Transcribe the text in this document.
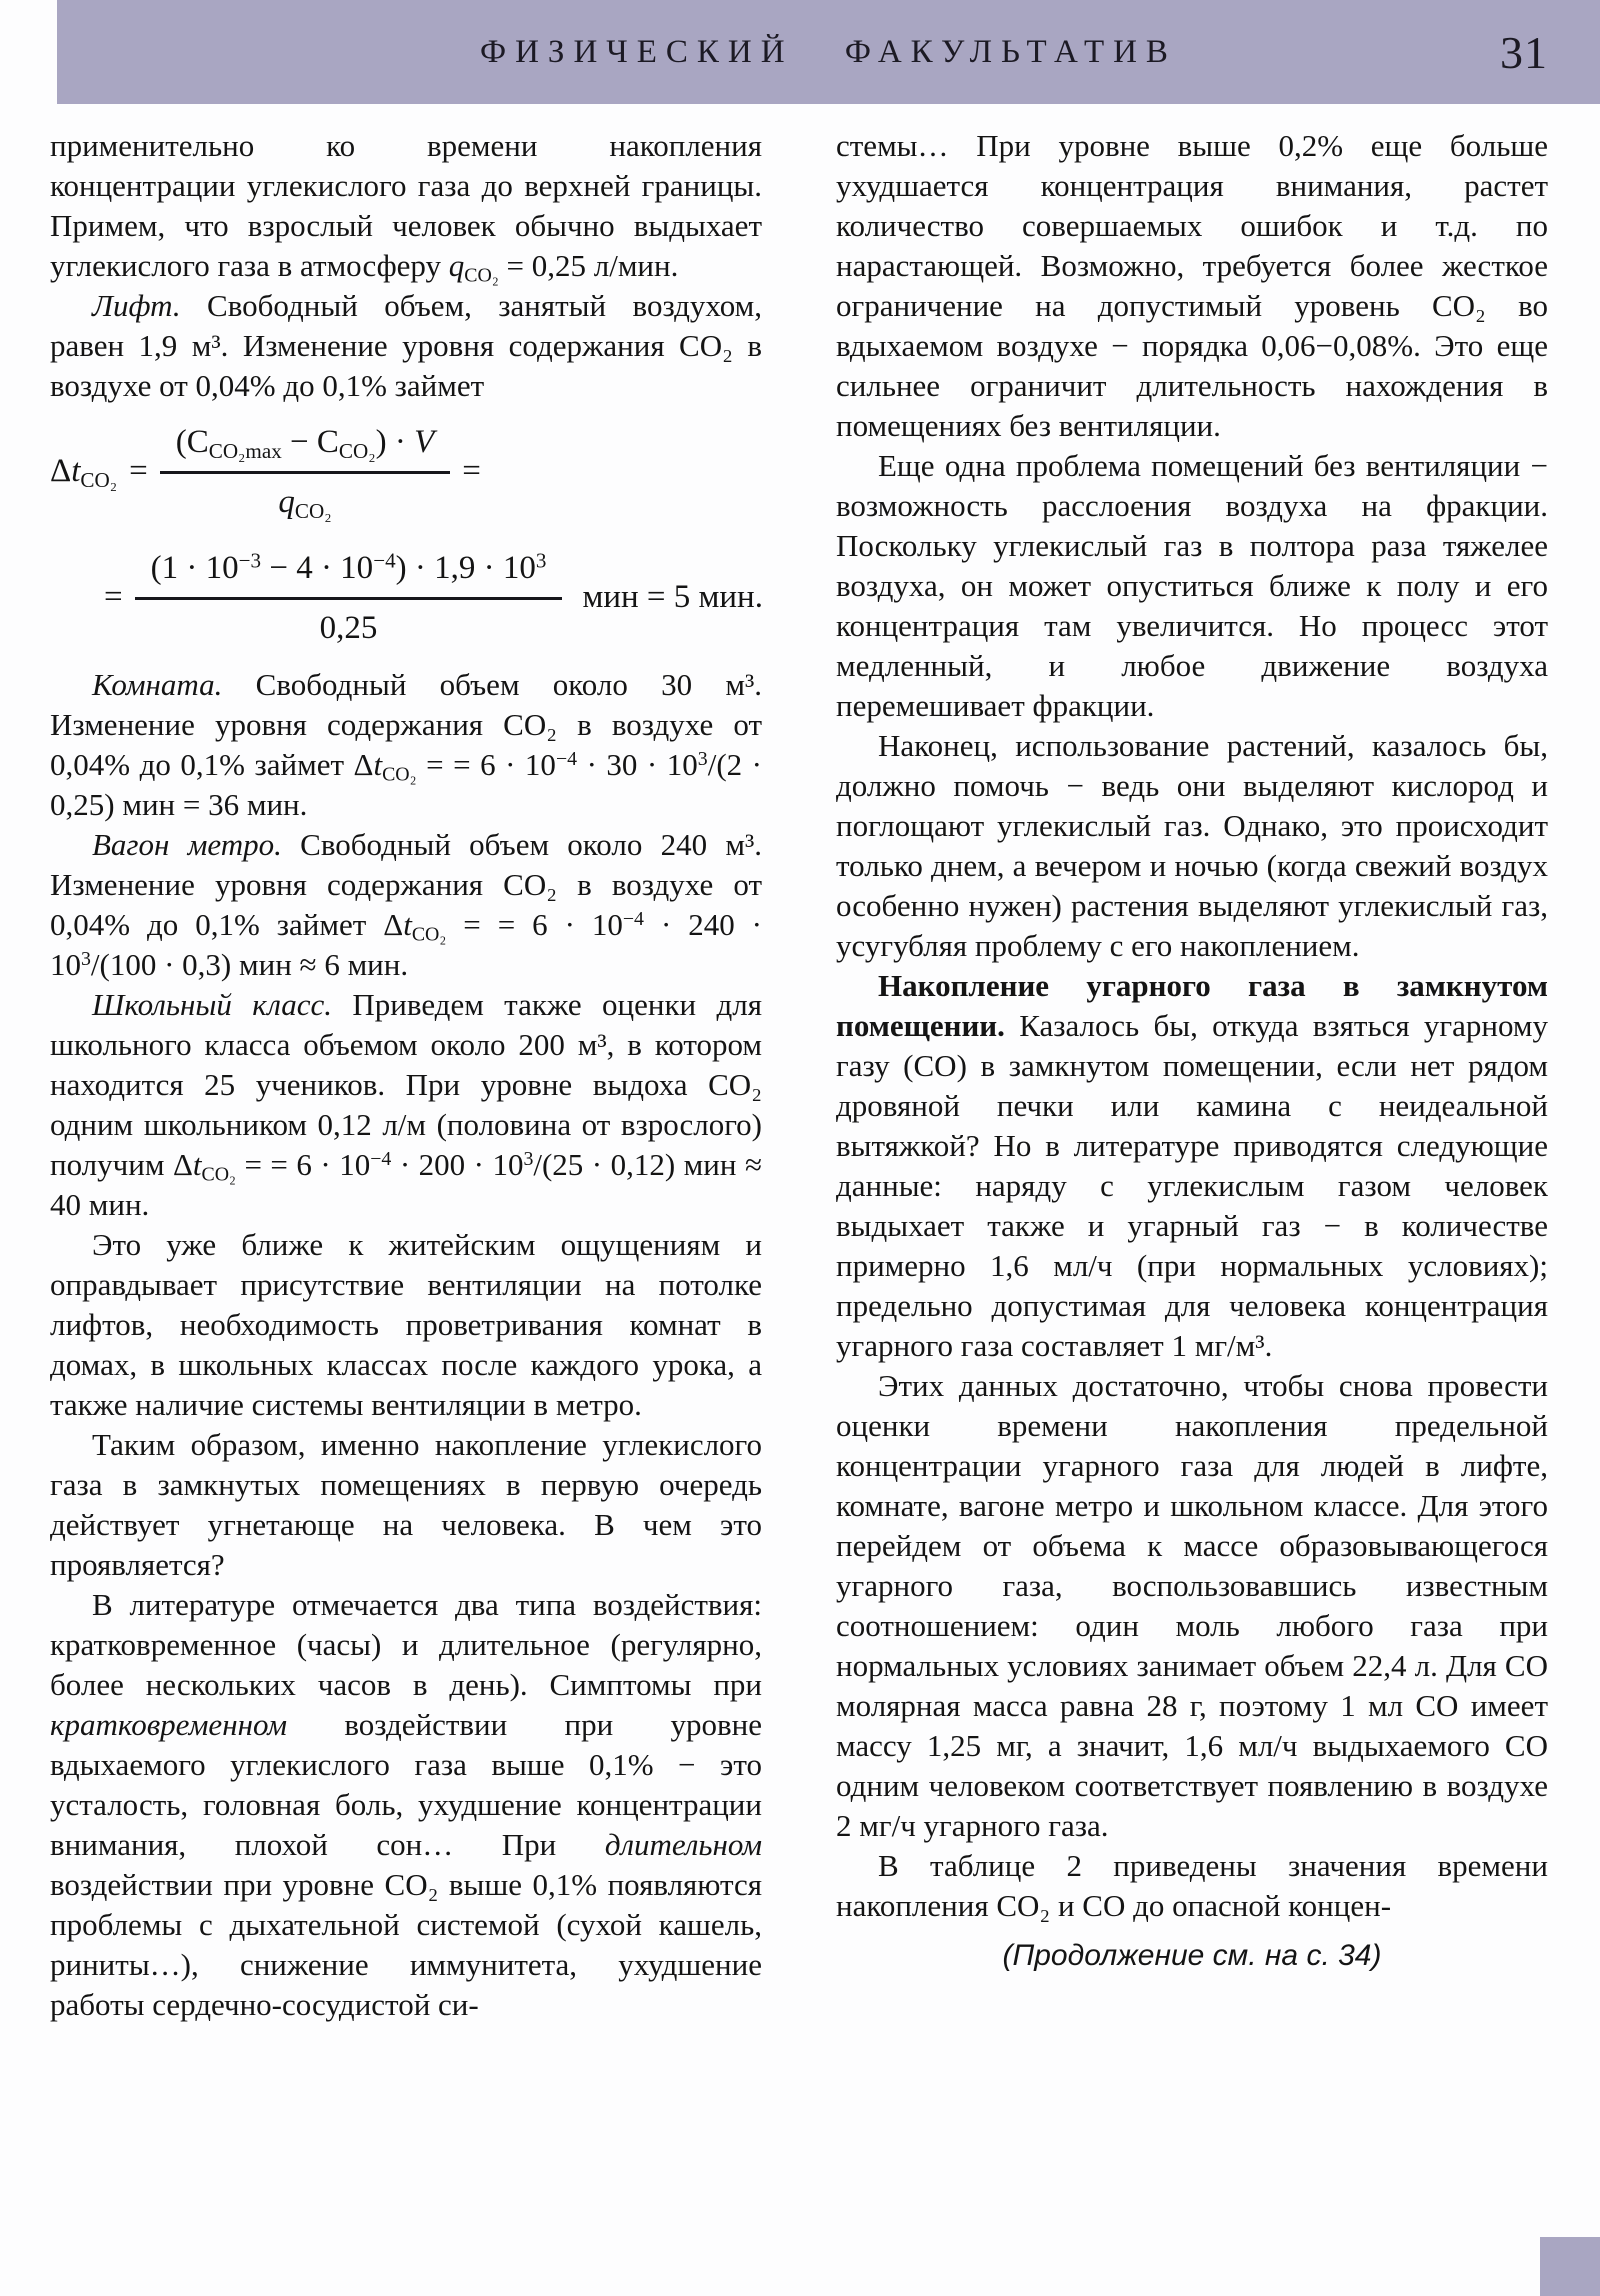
ФИЗИЧЕСКИЙ ФАКУЛЬТАТИВ	31

применительно ко времени накопления концентрации углекислого газа до верхней границы. Примем, что взрослый человек обычно выдыхает углекислого газа в атмосферу qCO₂ = 0,25 л/мин.

Лифт. Свободный объем, занятый воздухом, равен 1,9 м³. Изменение уровня содержания CO₂ в воздухе от 0,04% до 0,1% займет

$\Delta tCO_2 = \frac{\text{(CCO₂max − CCO₂) · V}}{\text{qCO₂}}$ =
= $\frac{(1 \cdot 10^{-3} - 4 \cdot 10^{-4}) \cdot 1,9 \cdot 10^3}{0,25}$ мин = 5 мин.

Комната. Свободный объем около 30 м³. Изменение уровня содержания CO₂ в воздухе от 0,04% до 0,1% займет ΔtCO₂ = = $6 \cdot 10^{-4} \cdot 30 \cdot 10^3/(2 \cdot 0,25)$ мин = 36 мин.

Вагон метро. Свободный объем около 240 м³. Изменение уровня содержания CO₂ в воздухе от 0,04% до 0,1% займет ΔtCO₂ = = $6 \cdot 10^{-4} \cdot 240 \cdot 10^3/(100 \cdot 0,3)$ мин ≈ 6 мин.

Школьный класс. Приведем также оценки для школьного класса объемом около 200 м³, в котором находится 25 учеников. При уровне выдоха CO₂ одним школьником 0,12 л/м (половина от взрослого) получим ΔtCO₂ = = $6 \cdot 10^{-4} \cdot 200 \cdot 10^3/(25 \cdot 0,12)$ мин ≈ 40 мин.

Это уже ближе к житейским ощущениям и оправдывает присутствие вентиляции на потолке лифтов, необходимость проветривания комнат в домах, в школьных классах после каждого урока, а также наличие системы вентиляции в метро.

Таким образом, именно накопление углекислого газа в замкнутых помещениях в первую очередь действует угнетающе на человека. В чем это проявляется?

В литературе отмечается два типа воздействия: кратковременное (часы) и длительное (регулярно, более нескольких часов в день). Симптомы при кратковременном воздействии при уровне вдыхаемого углекислого газа выше 0,1% − это усталость, головная боль, ухудшение концентрации внимания, плохой сон… При длительном воздействии при уровне CO₂ выше 0,1% появляются проблемы с дыхательной системой (сухой кашель, риниты…), снижение иммунитета, ухудшение работы сердечно-сосудистой си-

стемы… При уровне выше 0,2% еще больше ухудшается концентрация внимания, растет количество совершаемых ошибок и т.д. по нарастающей. Возможно, требуется более жесткое ограничение на допустимый уровень CO₂ во вдыхаемом воздухе − порядка 0,06−0,08%. Это еще сильнее ограничит длительность нахождения в помещениях без вентиляции.

Еще одна проблема помещений без вентиляции − возможность расслоения воздуха на фракции. Поскольку углекислый газ в полтора раза тяжелее воздуха, он может опуститься ближе к полу и его концентрация там увеличится. Но процесс этот медленный, и любое движение воздуха перемешивает фракции.

Наконец, использование растений, казалось бы, должно помочь − ведь они выделяют кислород и поглощают углекислый газ. Однако, это происходит только днем, а вечером и ночью (когда свежий воздух особенно нужен) растения выделяют углекислый газ, усугубляя проблему с его накоплением.

Накопление угарного газа в замкнутом помещении. Казалось бы, откуда взяться угарному газу (СО) в замкнутом помещении, если нет рядом дровяной печки или камина с неидеальной вытяжкой? Но в литературе приводятся следующие данные: наряду с углекислым газом человек выдыхает также и угарный газ − в количестве примерно 1,6 мл/ч (при нормальных условиях); предельно допустимая для человека концентрация угарного газа составляет 1 мг/м³.

Этих данных достаточно, чтобы снова провести оценки времени накопления предельной концентрации угарного газа для людей в лифте, комнате, вагоне метро и школьном классе. Для этого перейдем от объема к массе образовывающегося угарного газа, воспользовавшись известным соотношением: один моль любого газа при нормальных условиях занимает объем 22,4 л. Для СО молярная масса равна 28 г, поэтому 1 мл СО имеет массу 1,25 мг, а значит, 1,6 мл/ч выдыхаемого СО одним человеком соответствует появлению в воздухе 2 мг/ч угарного газа.

В таблице 2 приведены значения времени накопления CO₂ и СО до опасной концен-

(Продолжение см. на с. 34)
